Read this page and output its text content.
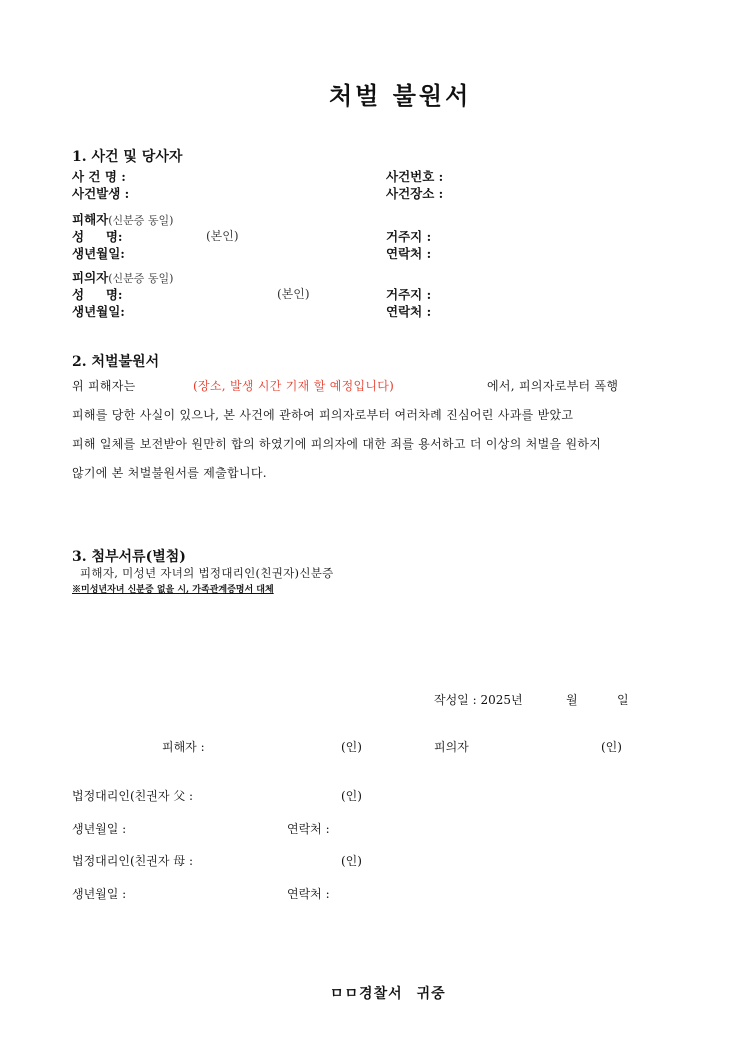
처벌 불원서
1. 사건 및 당사자
사 건 명 :	사건번호 :
사건발생 :	사건장소 :
피해자(신분증 동일)
성     명:	(본인)	거주지 :
생년월일:	연락처 :
피의자(신분증 동일)
성     명:	(본인)	거주지 :
생년월일:	연락처 :
2. 처벌불원서
위 피해자는	(장소, 발생 시간 기재 할 예정입니다)	에서, 피의자로부터 폭행
피해를 당한 사실이 있으나, 본 사건에 관하여 피의자로부터 여러차례 진심어린 사과를 받았고
피해 일체를 보전받아 원만히 합의 하였기에 피의자에 대한 죄를 용서하고 더 이상의 처벌을 원하지
않기에 본 처벌불원서를 제출합니다.
3. 첨부서류(별첨)
피해자, 미성년 자녀의 법정대리인(친권자)신분증
※미성년자녀 신분증 없을 시, 가족관계증명서 대체
작성일 : 2025년	월	일
피해자 :	(인)	피의자	(인)
법정대리인(친권자 父 :	(인)
생년월일 :	연락처 :
법정대리인(친권자 母 :	(인)
생년월일 :	연락처 :
ㅁㅁ경찰서 귀중
